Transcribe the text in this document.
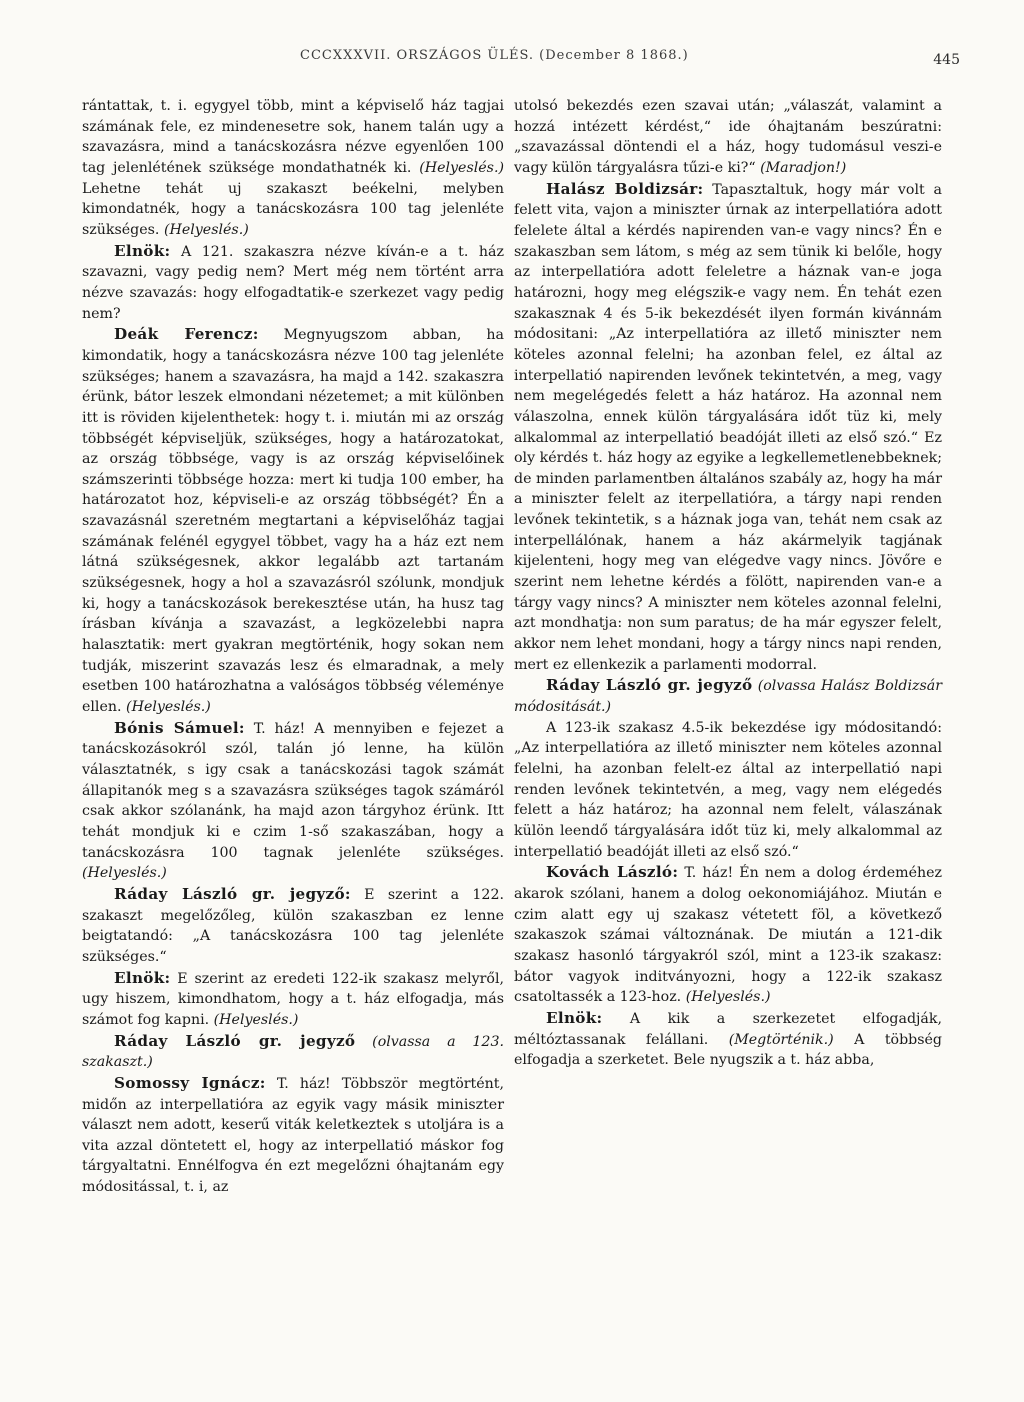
CCCXXXVII. ORSZÁGOS ÜLÉS. (December 8 1868.)	445

rántattak, t. i. egygyel több, mint a képviselő ház tagjai számának fele, ez mindenesetre sok, hanem talán ugy a szavazásra, mind a tanácskozásra nézve egyenlően 100 tag jelenlétének szüksége mondathatnék ki. (Helyeslés.) Lehetne tehát uj szakaszt beékelni, melyben kimondatnék, hogy a tanácskozásra 100 tag jelenléte szükséges. (Helyeslés.)

Elnök: A 121. szakaszra nézve kíván-e a t. ház szavazni, vagy pedig nem? Mert még nem történt arra nézve szavazás: hogy elfogadtatik-e szerkezet vagy pedig nem?

Deák Ferencz: Megnyugszom abban, ha kimondatik, hogy a tanácskozásra nézve 100 tag jelenléte szükséges; hanem a szavazásra, ha majd a 142. szakaszra érünk, bátor leszek elmondani nézetemet; a mit különben itt is röviden kijelenthetek: hogy t. i. miután mi az ország többségét képviseljük, szükséges, hogy a határozatokat, az ország többsége, vagy is az ország képviselőinek számszerinti többsége hozza: mert ki tudja 100 ember, ha határozatot hoz, képviseli-e az ország többségét? Én a szavazásnál szeretném megtartani a képviselőház tagjai számának felénél egygyel többet, vagy ha a ház ezt nem látná szükségesnek, akkor legalább azt tartanám szükségesnek, hogy a hol a szavazásról szólunk, mondjuk ki, hogy a tanácskozások berekesztése után, ha husz tag írásban kívánja a szavazást, a legközelebbi napra halasztatik: mert gyakran megtörténik, hogy sokan nem tudják, miszerint szavazás lesz és elmaradnak, a mely esetben 100 határozhatna a valóságos többség véleménye ellen. (Helyeslés.)

Bónis Sámuel: T. ház! A mennyiben e fejezet a tanácskozásokról szól, talán jó lenne, ha külön választatnék, s igy csak a tanácskozási tagok számát állapitanók meg s a szavazásra szükséges tagok számáról csak akkor szólanánk, ha majd azon tárgyhoz érünk. Itt tehát mondjuk ki e czim 1-ső szakaszában, hogy a tanácskozásra 100 tagnak jelenléte szükséges. (Helyeslés.)

Ráday László gr. jegyző: E szerint a 122. szakaszt megelőzőleg, külön szakaszban ez lenne beigtatandó: „A tanácskozásra 100 tag jelenléte szükséges.“

Elnök: E szerint az eredeti 122-ik szakasz melyről, ugy hiszem, kimondhatom, hogy a t. ház elfogadja, más számot fog kapni. (Helyeslés.)

Ráday László gr. jegyző (olvassa a 123. szakaszt.)

Somossy Ignácz: T. ház! Többször megtörtént, midőn az interpellatióra az egyik vagy másik miniszter választ nem adott, keserű viták keletkeztek s utoljára is a vita azzal döntetett el, hogy az interpellatió máskor fog tárgyaltatni. Ennélfogva én ezt megelőzni óhajtanám egy módositással, t. i, az

utolsó bekezdés ezen szavai után; „válaszát, valamint a hozzá intézett kérdést,“ ide óhajtanám beszúratni: „szavazással döntendi el a ház, hogy tudomásul veszi-e vagy külön tárgyalásra tűzi-e ki?“ (Maradjon!)

Halász Boldizsár: Tapasztaltuk, hogy már volt a felett vita, vajon a miniszter úrnak az interpellatióra adott felelete által a kérdés napirenden van-e vagy nincs? Én e szakaszban sem látom, s még az sem tünik ki belőle, hogy az interpellatióra adott feleletre a háznak van-e joga határozni, hogy meg elégszik-e vagy nem. Én tehát ezen szakasznak 4 és 5-ik bekezdését ilyen formán kivánnám módositani: „Az interpellatióra az illető miniszter nem köteles azonnal felelni; ha azonban felel, ez által az interpellatió napirenden levőnek tekintetvén, a meg, vagy nem megelégedés felett a ház határoz. Ha azonnal nem válaszolna, ennek külön tárgyalására időt tüz ki, mely alkalommal az interpellatió beadóját illeti az első szó.“ Ez oly kérdés t. ház hogy az egyike a legkellemetlenebbeknek; de minden parlamentben általános szabály az, hogy ha már a miniszter felelt az iterpellatióra, a tárgy napi renden levőnek tekintetik, s a háznak joga van, tehát nem csak az interpellálónak, hanem a ház akármelyik tagjának kijelenteni, hogy meg van elégedve vagy nincs. Jövőre e szerint nem lehetne kérdés a fölött, napirenden van-e a tárgy vagy nincs? A miniszter nem köteles azonnal felelni, azt mondhatja: non sum paratus; de ha már egyszer felelt, akkor nem lehet mondani, hogy a tárgy nincs napi renden, mert ez ellenkezik a parlamenti modorral.

Ráday László gr. jegyző (olvassa Halász Boldizsár módositását.)

A 123-ik szakasz 4.5-ik bekezdése igy módositandó: „Az interpellatióra az illető miniszter nem köteles azonnal felelni, ha azonban felelt-ez által az interpellatió napi renden levőnek tekintetvén, a meg, vagy nem elégedés felett a ház határoz; ha azonnal nem felelt, válaszának külön leendő tárgyalására időt tüz ki, mely alkalommal az interpellatió beadóját illeti az első szó.“

Kovách László: T. ház! Én nem a dolog érdeméhez akarok szólani, hanem a dolog oekonomiájához. Miután e czim alatt egy uj szakasz vétetett föl, a következő szakaszok számai változnának. De miután a 121-dik szakasz hasonló tárgyakról szól, mint a 123-ik szakasz: bátor vagyok inditványozni, hogy a 122-ik szakasz csatoltassék a 123-hoz. (Helyeslés.)

Elnök: A kik a szerkezetet elfogadják, méltóztassanak felállani. (Megtörténik.) A többség elfogadja a szerketet. Bele nyugszik a t. ház abba,
